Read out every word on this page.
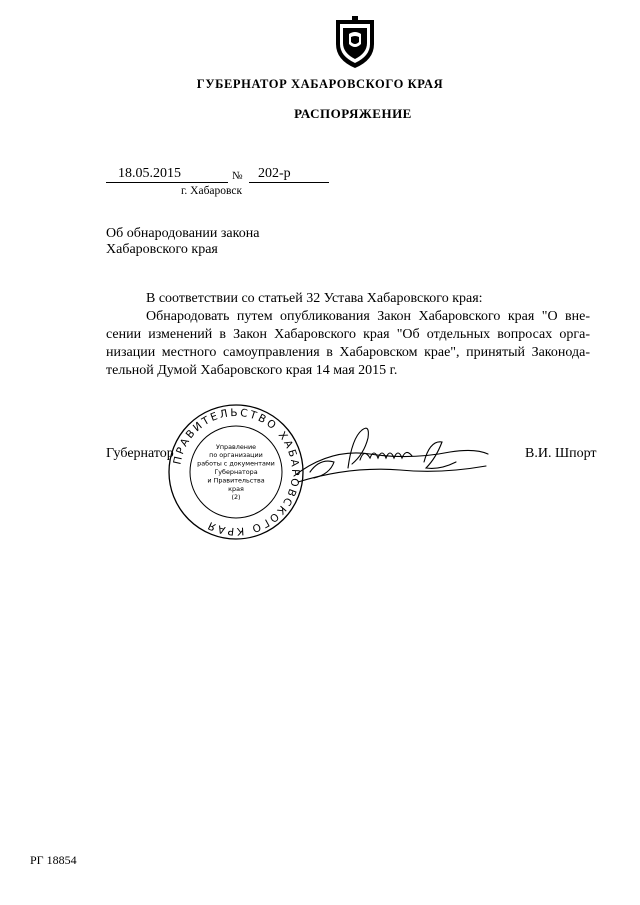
ГУБЕРНАТОР ХАБАРОВСКОГО КРАЯ
РАСПОРЯЖЕНИЕ
18.05.2015	№ 202-р
г. Хабаровск
Об обнародовании закона
Хабаровского края
В соответствии со статьей 32 Устава Хабаровского края:
Обнародовать путем опубликования Закон Хабаровского края "О вне-
сении изменений в Закон Хабаровского края "Об отдельных вопросах орга-
низации местного самоуправления в Хабаровском крае", принятый Законода-
тельной Думой Хабаровского края 14 мая 2015 г.
Губернатор	В.И. Шпорт
ПРАВИТЕЛЬСТВО ХАБАРОВСКОГО КРАЯ
Управление
по организации
работы с документами
Губернатора
и Правительства
края
(2)
РГ 18854
